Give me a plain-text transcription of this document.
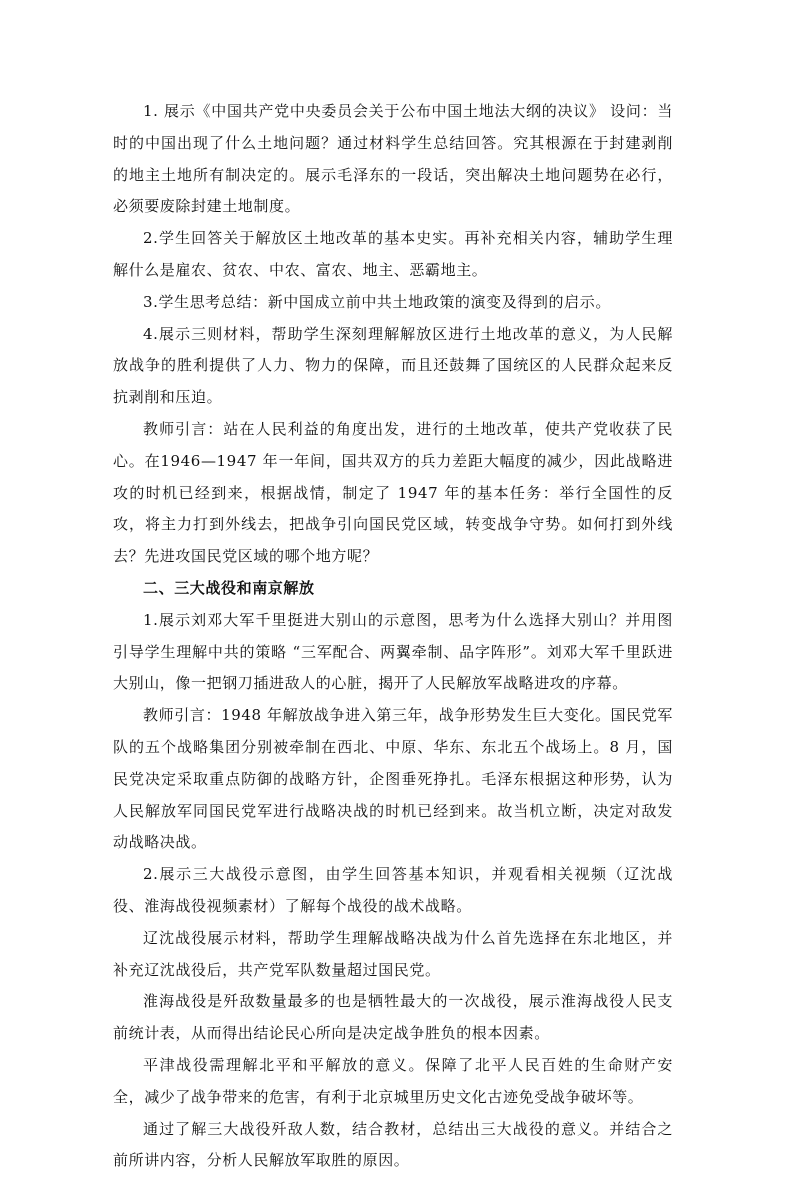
1. 展示《中国共产党中央委员会关于公布中国土地法大纲的决议》 设问：当时的中国出现了什么土地问题？通过材料学生总结回答。究其根源在于封建剥削的地主土地所有制决定的。展示毛泽东的一段话，突出解决土地问题势在必行，必须要废除封建土地制度。

2.学生回答关于解放区土地改革的基本史实。再补充相关内容，辅助学生理解什么是雇农、贫农、中农、富农、地主、恶霸地主。

3.学生思考总结：新中国成立前中共土地政策的演变及得到的启示。

4.展示三则材料，帮助学生深刻理解解放区进行土地改革的意义，为人民解放战争的胜利提供了人力、物力的保障，而且还鼓舞了国统区的人民群众起来反抗剥削和压迫。

教师引言：站在人民利益的角度出发，进行的土地改革，使共产党收获了民心。在1946—1947 年一年间，国共双方的兵力差距大幅度的减少，因此战略进攻的时机已经到来，根据战情，制定了 1947 年的基本任务：举行全国性的反攻，将主力打到外线去，把战争引向国民党区域，转变战争守势。如何打到外线去？先进攻国民党区域的哪个地方呢？

二、三大战役和南京解放

1.展示刘邓大军千里挺进大别山的示意图，思考为什么选择大别山？并用图引导学生理解中共的策略 “三军配合、两翼牵制、品字阵形”。刘邓大军千里跃进大别山，像一把钢刀插进敌人的心脏，揭开了人民解放军战略进攻的序幕。

教师引言：1948 年解放战争进入第三年，战争形势发生巨大变化。国民党军队的五个战略集团分别被牵制在西北、中原、华东、东北五个战场上。8 月，国民党决定采取重点防御的战略方针，企图垂死挣扎。毛泽东根据这种形势，认为人民解放军同国民党军进行战略决战的时机已经到来。故当机立断，决定对敌发动战略决战。

2.展示三大战役示意图，由学生回答基本知识，并观看相关视频（辽沈战役、淮海战役视频素材）了解每个战役的战术战略。

辽沈战役展示材料，帮助学生理解战略决战为什么首先选择在东北地区，并补充辽沈战役后，共产党军队数量超过国民党。

淮海战役是歼敌数量最多的也是牺牲最大的一次战役，展示淮海战役人民支前统计表，从而得出结论民心所向是决定战争胜负的根本因素。

平津战役需理解北平和平解放的意义。保障了北平人民百姓的生命财产安全，减少了战争带来的危害，有利于北京城里历史文化古迹免受战争破坏等。

通过了解三大战役歼敌人数，结合教材，总结出三大战役的意义。并结合之前所讲内容，分析人民解放军取胜的原因。
